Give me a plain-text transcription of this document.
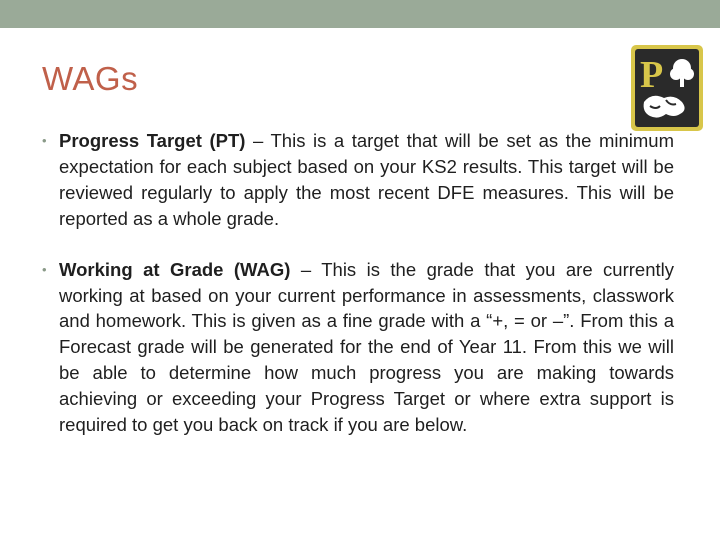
WAGs	P
• Progress Target (PT) – This is a target that will be set as the minimum expectation for each subject based on your KS2 results. This target will be reviewed regularly to apply the most recent DFE measures. This will be reported as a whole grade.
• Working at Grade (WAG) – This is the grade that you are currently working at based on your current performance in assessments, classwork and homework. This is given as a fine grade with a “+, = or –”. From this a Forecast grade will be generated for the end of Year 11. From this we will be able to determine how much progress you are making towards achieving or exceeding your Progress Target or where extra support is required to get you back on track if you are below.
